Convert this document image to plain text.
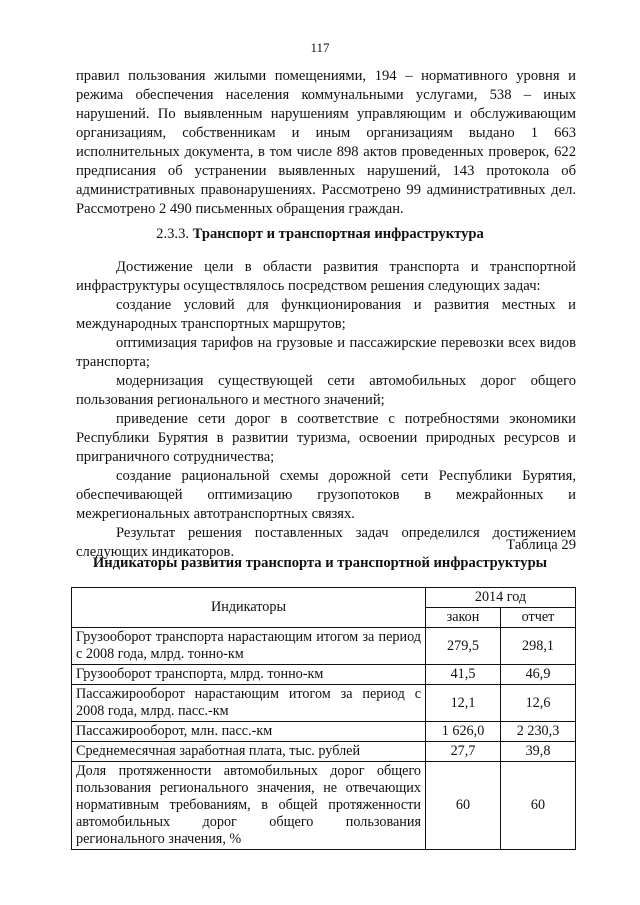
117

правил пользования жилыми помещениями, 194 – нормативного уровня и режима обеспечения населения коммунальными услугами, 538 – иных нарушений. По выявленным нарушениям управляющим и обслуживающим организациям, собственникам и иным организациям выдано 1 663 исполнительных документа, в том числе 898 актов проведенных проверок, 622 предписания об устранении выявленных нарушений, 143 протокола об административных правонарушениях. Рассмотрено 99 административных дел. Рассмотрено 2 490 письменных обращения граждан.

2.3.3. Транспорт и транспортная инфраструктура

Достижение цели в области развития транспорта и транспортной инфраструктуры осуществлялось посредством решения следующих задач:

создание условий для функционирования и развития местных и международных транспортных маршрутов;

оптимизация тарифов на грузовые и пассажирские перевозки всех видов транспорта;

модернизация существующей сети автомобильных дорог общего пользования регионального и местного значений;

приведение сети дорог в соответствие с потребностями экономики Республики Бурятия в развитии туризма, освоении природных ресурсов и приграничного сотрудничества;

создание рациональной схемы дорожной сети Республики Бурятия, обеспечивающей оптимизацию грузопотоков в межрайонных и межрегиональных автотранспортных связях.

Результат решения поставленных задач определился достижением следующих индикаторов.	Таблица 29
Индикаторы развития транспорта и транспортной инфраструктуры
Индикаторы	2014 год	
	закон	отчет
Грузооборот транспорта нарастающим итогом за период с 2008 года, млрд. тонно-км	279,5	298,1
Грузооборот транспорта, млрд. тонно-км	41,5	46,9
Пассажирооборот нарастающим итогом за период с 2008 года, млрд. пасс.-км	12,1	12,6
Пассажирооборот, млн. пасс.-км	1 626,0	2 230,3
Среднемесячная заработная плата, тыс. рублей	27,7	39,8
Доля протяженности автомобильных дорог общего пользования регионального значения, не отвечающих нормативным требованиям, в общей протяженности автомобильных дорог общего пользования регионального значения, %	60	60
